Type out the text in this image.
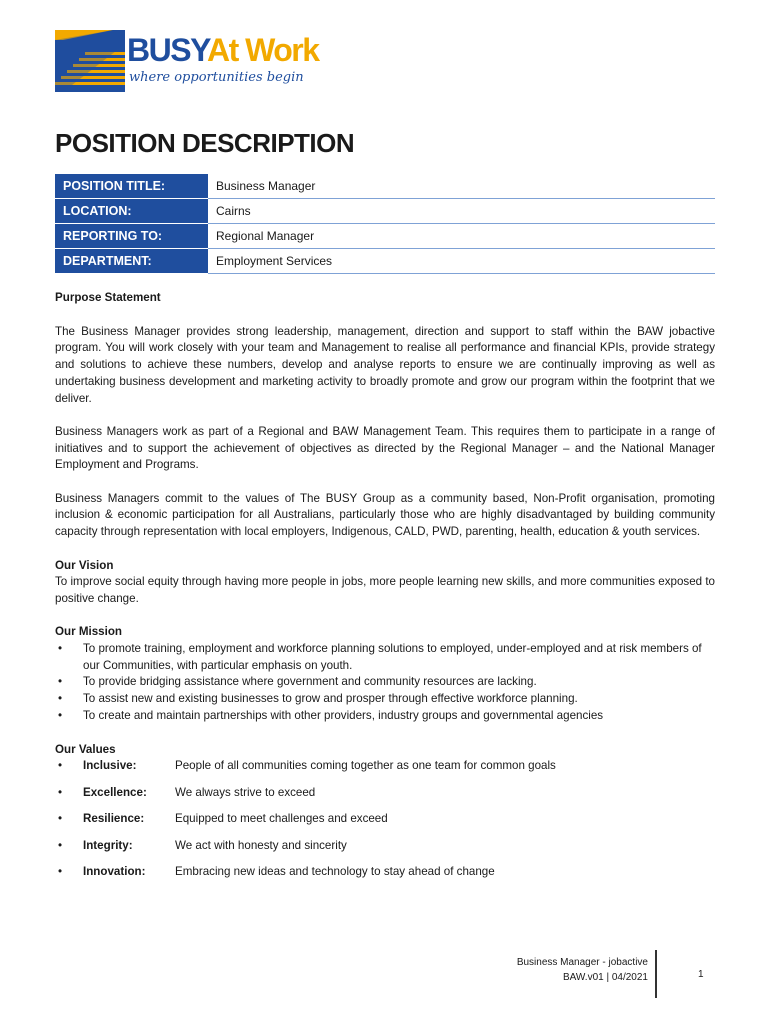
BUSYAt Work
where opportunities begin
POSITION DESCRIPTION
POSITION TITLE:	Business Manager
LOCATION:	Cairns
REPORTING TO:	Regional Manager
DEPARTMENT:	Employment Services
Purpose Statement

The Business Manager provides strong leadership, management, direction and support to staff within the BAW jobactive program. You will work closely with your team and Management to realise all performance and financial KPIs, provide strategy and solutions to achieve these numbers, develop and analyse reports to ensure we are continually improving as well as undertaking business development and marketing activity to broadly promote and grow our program within the footprint that we deliver.

Business Managers work as part of a Regional and BAW Management Team. This requires them to participate in a range of initiatives and to support the achievement of objectives as directed by the Regional Manager – and the National Manager Employment and Programs.

Business Managers commit to the values of The BUSY Group as a community based, Non-Profit organisation, promoting inclusion & economic participation for all Australians, particularly those who are highly disadvantaged by building community capacity through representation with local employers, Indigenous, CALD, PWD, parenting, health, education & youth services.

Our Vision

To improve social equity through having more people in jobs, more people learning new skills, and more communities exposed to positive change.

Our Mission
• To promote training, employment and workforce planning solutions to employed, under-employed and at risk members of our Communities, with particular emphasis on youth.
• To provide bridging assistance where government and community resources are lacking.
• To assist new and existing businesses to grow and prosper through effective workforce planning.
• To create and maintain partnerships with other providers, industry groups and governmental agencies
Our Values
• Inclusive:	People of all communities coming together as one team for common goals
• Excellence: We always strive to exceed
• Resilience:	Equipped to meet challenges and exceed
• Integrity:	We act with honesty and sincerity
• Innovation:	Embracing new ideas and technology to stay ahead of change
Business Manager - jobactive
BAW.v01 | 04/2021	1
